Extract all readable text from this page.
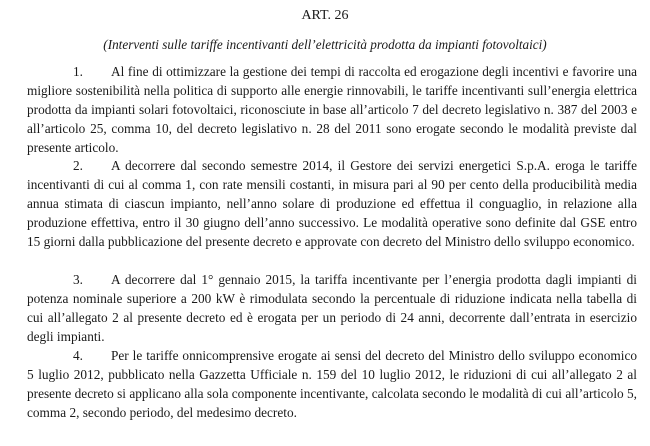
ART. 26
(Interventi sulle tariffe incentivanti dell’elettricità prodotta da impianti fotovoltaici)

1. Al fine di ottimizzare la gestione dei tempi di raccolta ed erogazione degli incentivi e favorire una migliore sostenibilità nella politica di supporto alle energie rinnovabili, le tariffe incentivanti sull’energia elettrica prodotta da impianti solari fotovoltaici, riconosciute in base all’articolo 7 del decreto legislativo n. 387 del 2003 e all’articolo 25, comma 10, del decreto legislativo n. 28 del 2011 sono erogate secondo le modalità previste dal presente articolo.

2. A decorrere dal secondo semestre 2014, il Gestore dei servizi energetici S.p.A. eroga le tariffe incentivanti di cui al comma 1, con rate mensili costanti, in misura pari al 90 per cento della producibilità media annua stimata di ciascun impianto, nell’anno solare di produzione ed effettua il conguaglio, in relazione alla produzione effettiva, entro il 30 giugno dell’anno successivo. Le modalità operative sono definite dal GSE entro 15 giorni dalla pubblicazione del presente decreto e approvate con decreto del Ministro dello sviluppo economico.

3. A decorrere dal 1° gennaio 2015, la tariffa incentivante per l’energia prodotta dagli impianti di potenza nominale superiore a 200 kW è rimodulata secondo la percentuale di riduzione indicata nella tabella di cui all’allegato 2 al presente decreto ed è erogata per un periodo di 24 anni, decorrente dall’entrata in esercizio degli impianti.

4. Per le tariffe onnicomprensive erogate ai sensi del decreto del Ministro dello sviluppo economico 5 luglio 2012, pubblicato nella Gazzetta Ufficiale n. 159 del 10 luglio 2012, le riduzioni di cui all’allegato 2 al presente decreto si applicano alla sola componente incentivante, calcolata secondo le modalità di cui all’articolo 5, comma 2, secondo periodo, del medesimo decreto.
